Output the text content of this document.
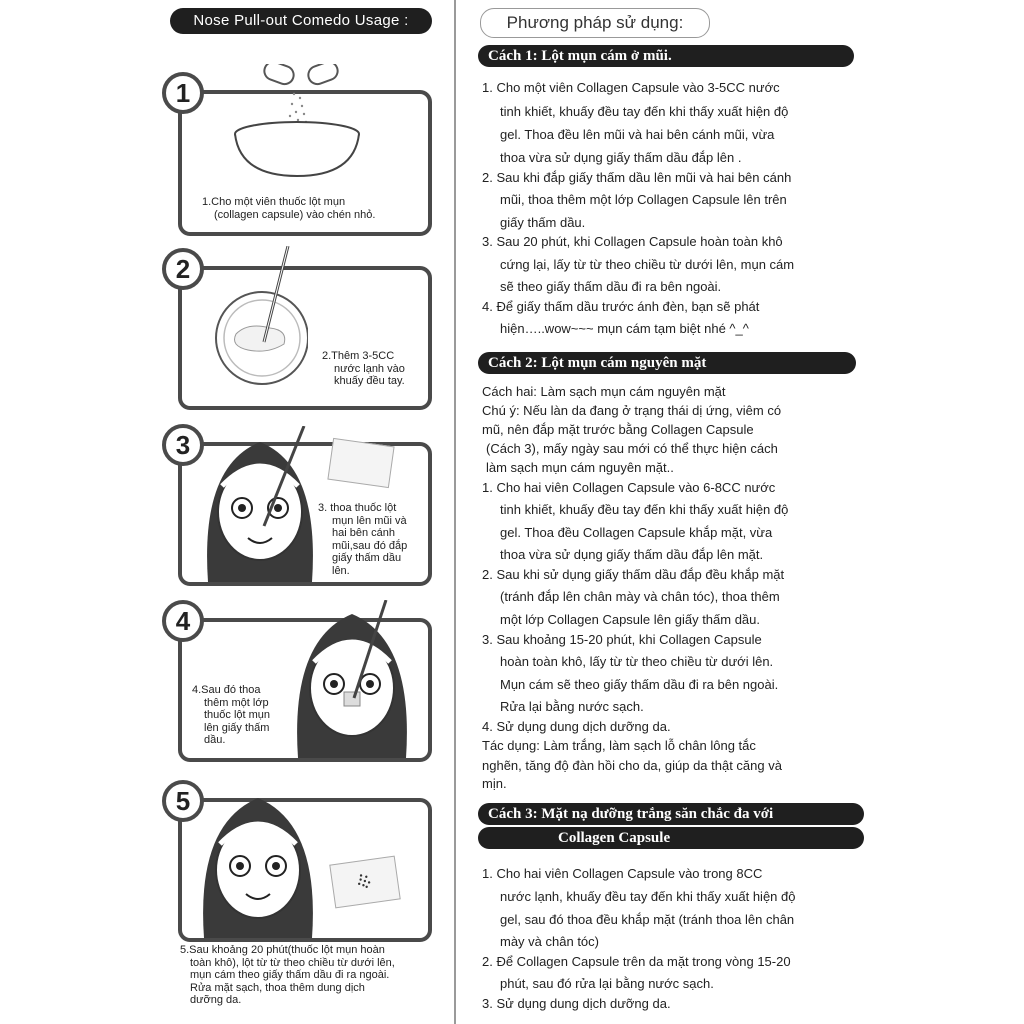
Nose Pull-out Comedo Usage :
1.Cho một viên thuốc lột mụn
(collagen capsule) vào chén nhỏ.
1
2.Thêm 3-5CC
nước lạnh vào
khuấy đều tay.
2
3. thoa thuốc lột
mụn lên mũi và
hai bên cánh
mũi,sau đó đắp
giấy thấm dầu
lên.
3
4.Sau đó thoa
thêm một lớp
thuốc lột mụn
lên giấy thấm
dầu.
4
5
5.Sau khoảng 20 phút(thuốc lột mụn hoàn
toàn khô), lột từ từ theo chiều từ dưới lên,
mụn cám theo giấy thấm dầu đi ra ngoài.
Rửa mặt sạch, thoa thêm dung dịch
dưỡng da.
Phương pháp sử dụng:
Cách 1: Lột mụn cám ở mũi.
1. Cho một viên Collagen Capsule vào 3-5CC nước
tinh khiết, khuấy đều tay đến khi thấy xuất hiện độ
gel. Thoa đều lên mũi và hai bên cánh mũi, vừa
thoa vừa sử dụng giấy thấm dầu đắp lên .
2. Sau khi đắp giấy thấm dầu lên mũi và hai bên cánh
mũi, thoa thêm một lớp Collagen Capsule lên trên
giấy thấm dầu.
3. Sau 20 phút, khi Collagen Capsule hoàn toàn khô
cứng lại, lấy từ từ theo chiều từ dưới lên, mụn cám
sẽ theo giấy thấm dầu đi ra bên ngoài.
4. Để giấy thấm dầu trước ánh đèn, bạn sẽ phát
hiện…..wow~~~ mụn cám tạm biệt nhé ^_^
Cách 2: Lột mụn cám nguyên mặt
Cách hai: Làm sạch mụn cám nguyên mặt
Chú ý: Nếu làn da đang ở trạng thái dị ứng, viêm có
mũ, nên đắp mặt trước bằng Collagen Capsule
(Cách 3), mấy ngày sau mới có thể thực hiện cách
làm sạch mụn cám nguyên mặt..
1. Cho hai viên Collagen Capsule vào 6-8CC nước
tinh khiết, khuấy đều tay đến khi thấy xuất hiện độ
gel. Thoa đều Collagen Capsule khắp mặt, vừa
thoa vừa sử dụng giấy thấm dầu đắp lên mặt.
2. Sau khi sử dụng giấy thấm dầu đắp đều khắp mặt
(tránh đắp lên chân mày và chân tóc), thoa thêm
một lớp Collagen Capsule lên giấy thấm dầu.
3. Sau khoảng 15-20 phút, khi Collagen Capsule
hoàn toàn khô, lấy từ từ theo chiều từ dưới lên.
Mụn cám sẽ theo giấy thấm dầu đi ra bên ngoài.
Rửa lại bằng nước sạch.
4. Sử dụng dung dịch dưỡng da.
Tác dụng: Làm trắng, làm sạch lỗ chân lông tắc
nghẽn, tăng độ đàn hồi cho da, giúp da thật căng và
mịn.
Cách 3: Mặt nạ dưỡng trắng săn chắc đa với
Collagen Capsule
1. Cho hai viên Collagen Capsule vào trong 8CC
nước lạnh, khuấy đều tay đến khi thấy xuất hiện độ
gel, sau đó thoa đều khắp mặt (tránh thoa lên chân
mày và chân tóc)
2. Để Collagen Capsule trên da mặt trong vòng 15-20
phút, sau đó rửa lại bằng nước sạch.
3. Sử dụng dung dịch dưỡng da.
